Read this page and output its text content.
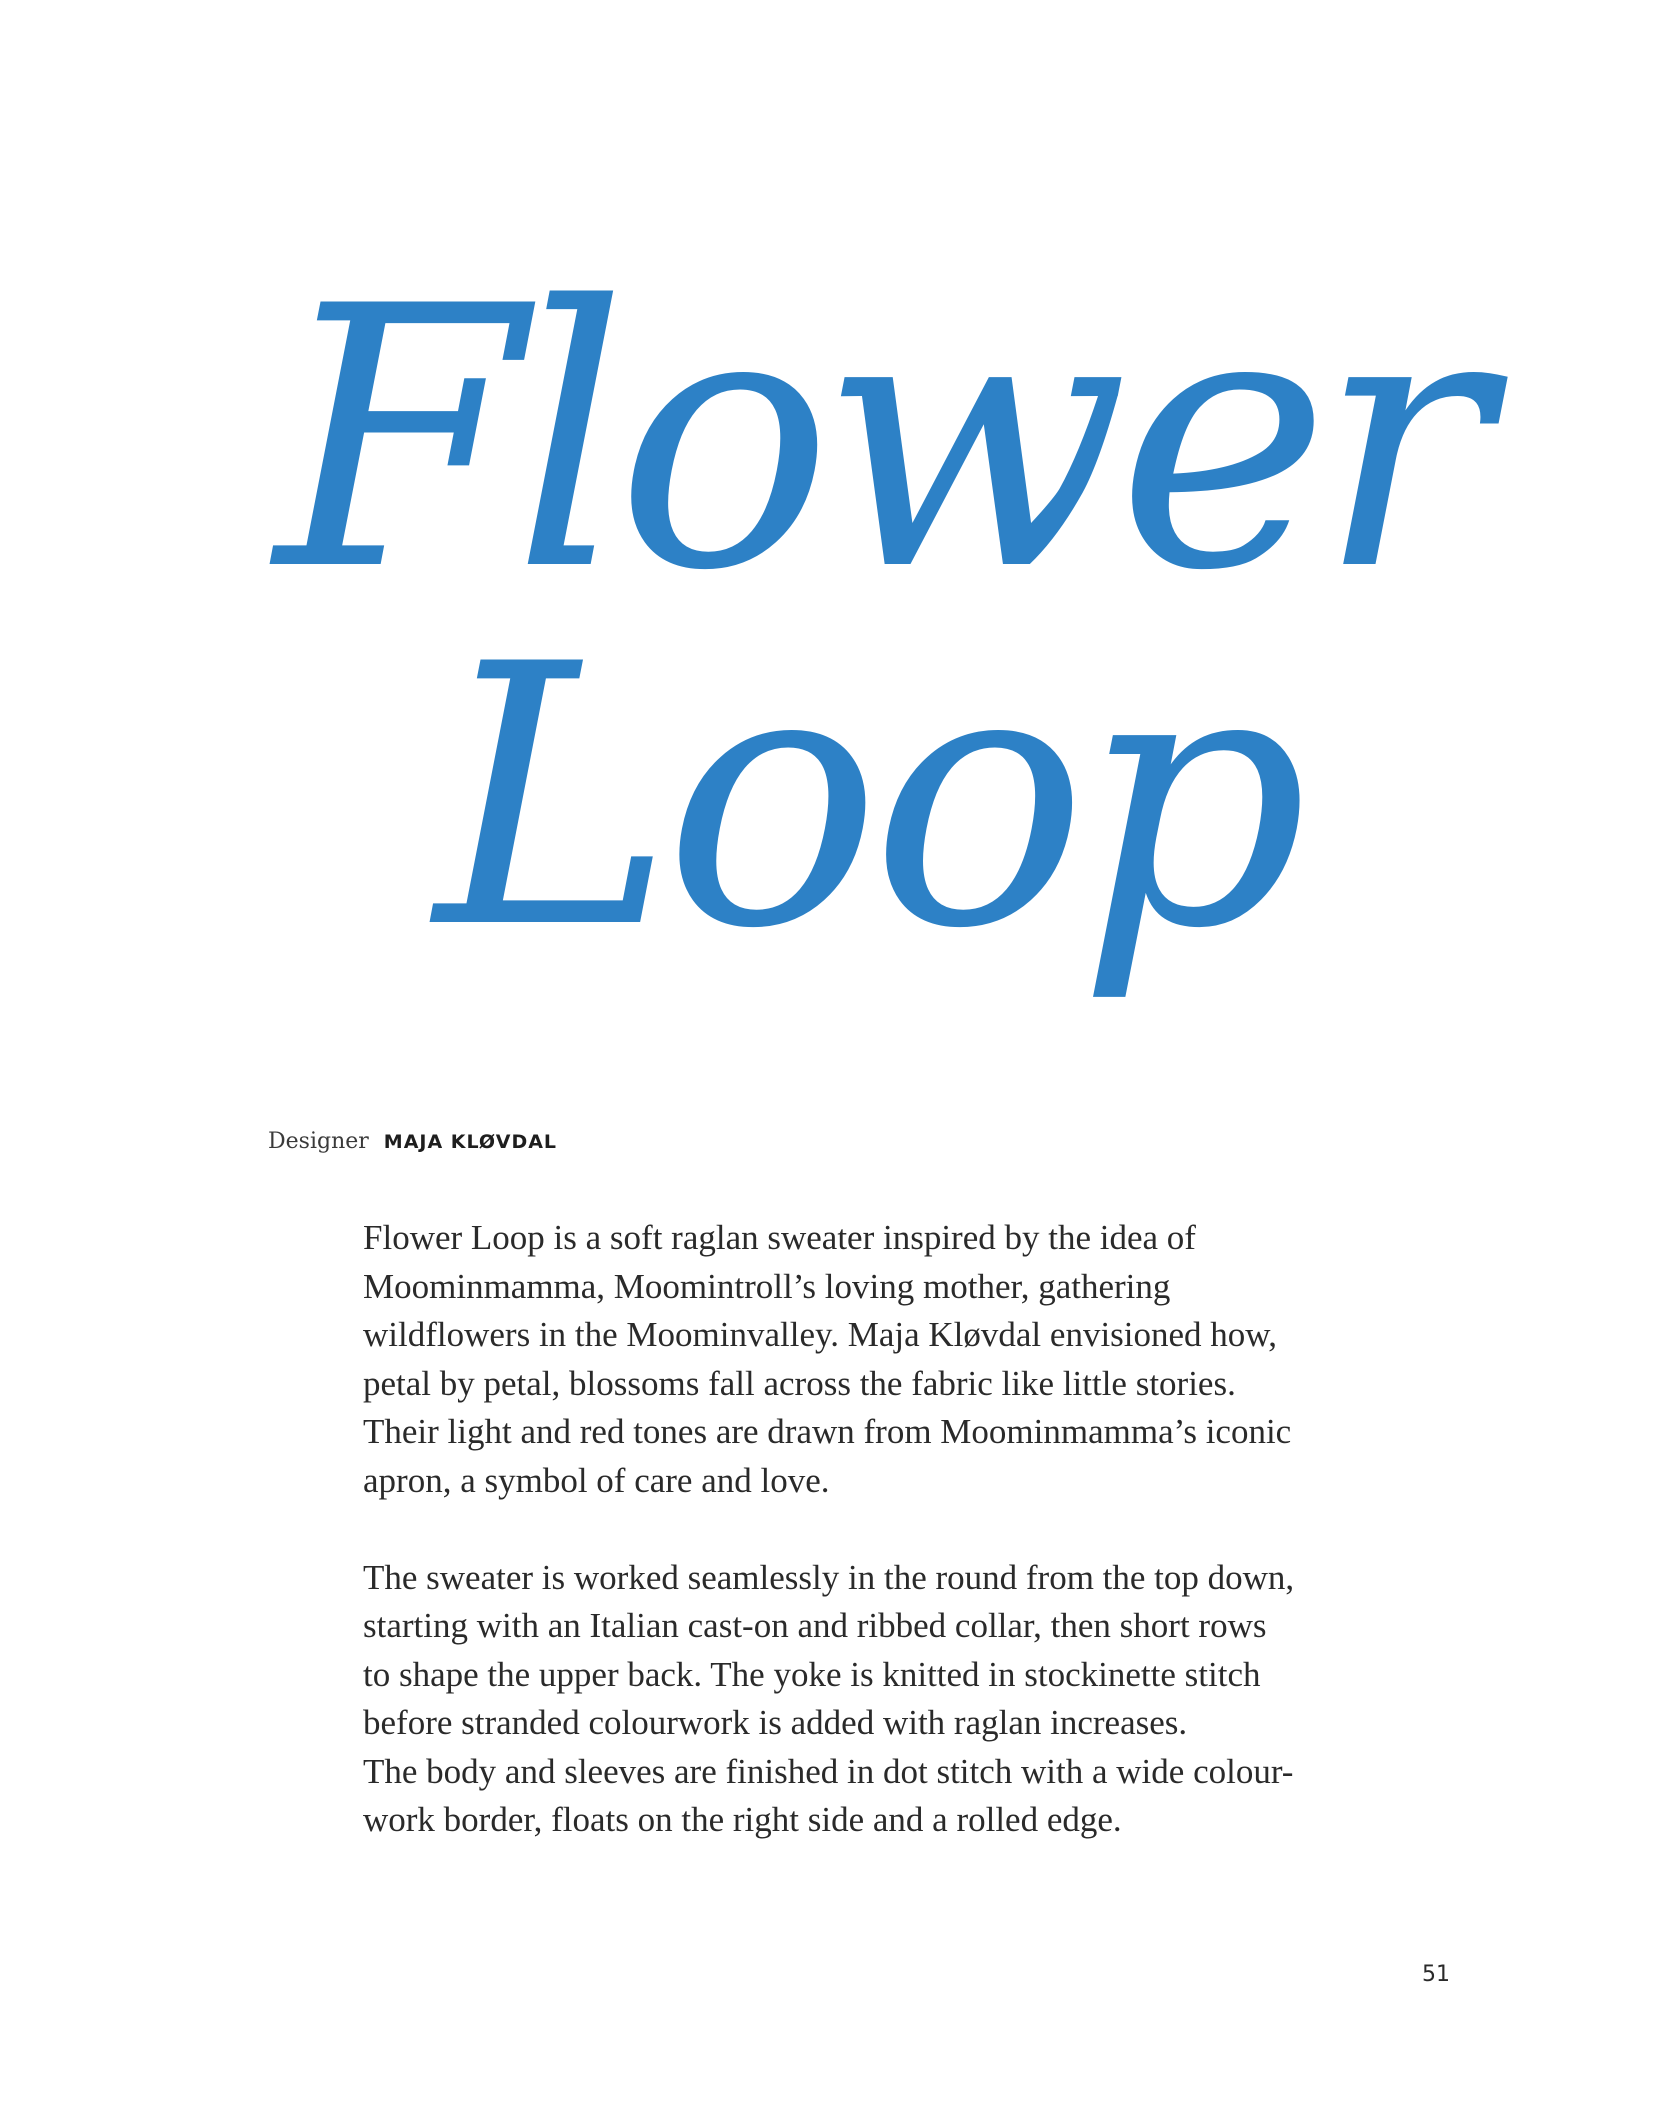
Flower
Loop
Designer MAJA KLØVDAL

Flower Loop is a soft raglan sweater inspired by the idea of
Moominmamma, Moomintroll’s loving mother, gathering
wildflowers in the Moominvalley. Maja Kløvdal envisioned how,
petal by petal, blossoms fall across the fabric like little stories.
Their light and red tones are drawn from Moominmamma’s iconic
apron, a symbol of care and love.

The sweater is worked seamlessly in the round from the top down,
starting with an Italian cast-on and ribbed collar, then short rows
to shape the upper back. The yoke is knitted in stockinette stitch
before stranded colourwork is added with raglan increases.
The body and sleeves are finished in dot stitch with a wide colour-
work border, floats on the right side and a rolled edge.

51
